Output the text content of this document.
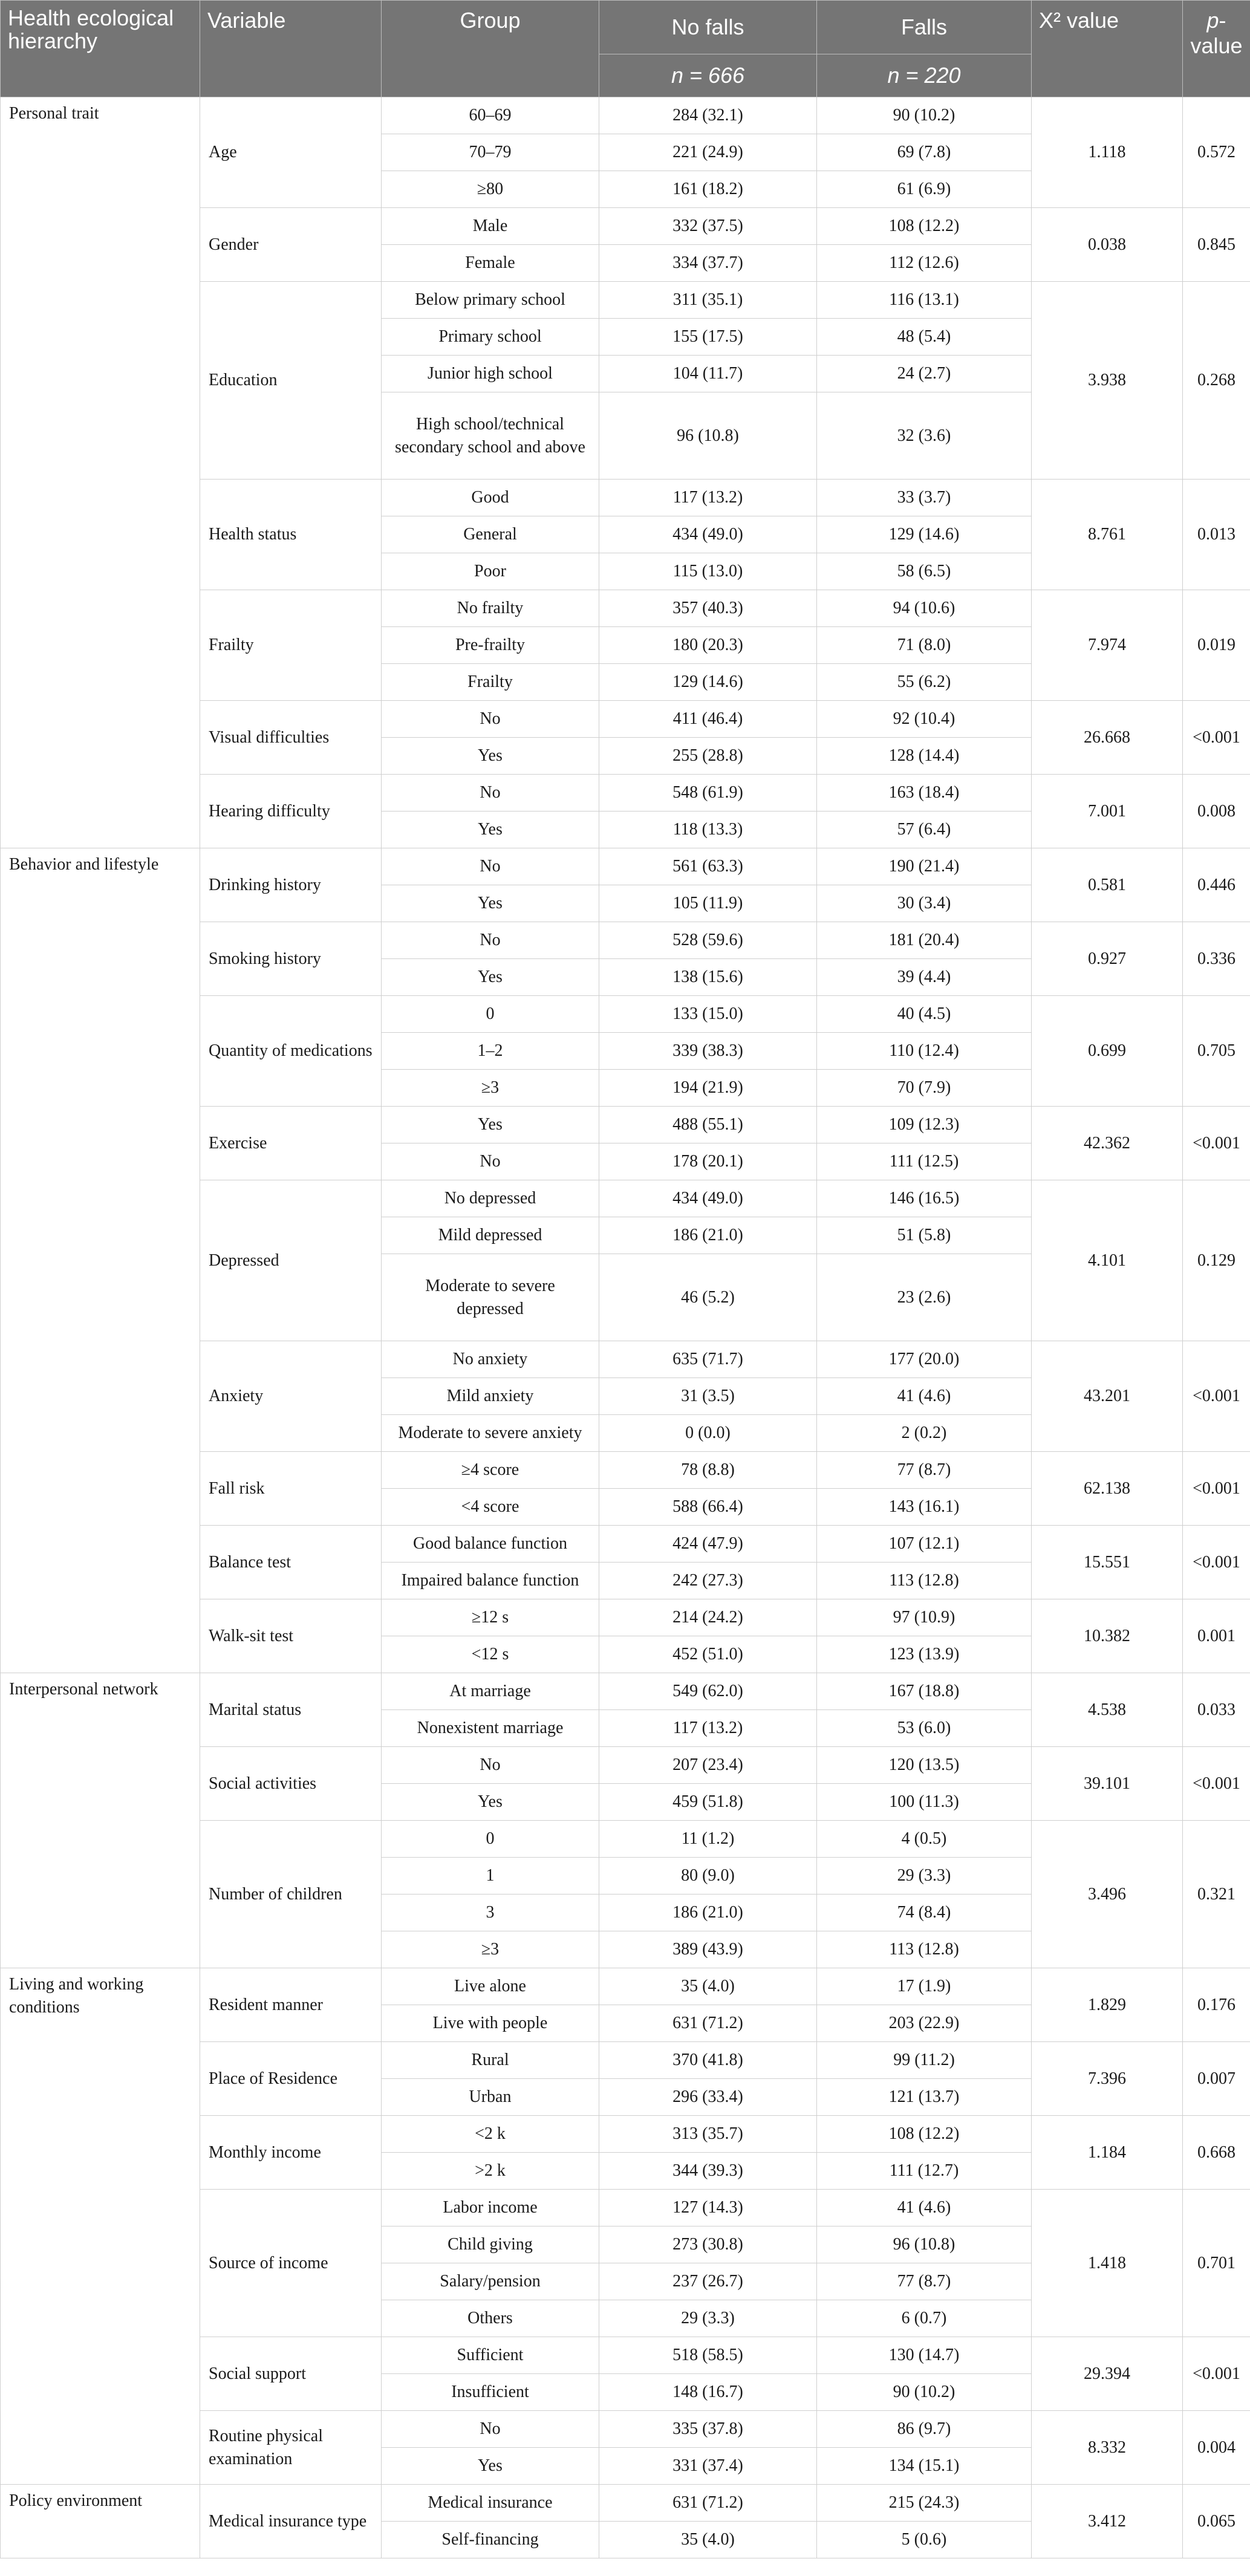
Health ecological hierarchy	Variable	Group	No falls	Falls	X² value	p-value
			n = 666	n = 220		
Personal trait	Age	60–69	284 (32.1)	90 (10.2)	1.118	0.572
		70–79	221 (24.9)	69 (7.8)		
		≥80	161 (18.2)	61 (6.9)		
	Gender	Male	332 (37.5)	108 (12.2)	0.038	0.845
		Female	334 (37.7)	112 (12.6)		
	Education	Below primary school	311 (35.1)	116 (13.1)	3.938	0.268
		Primary school	155 (17.5)	48 (5.4)		
		Junior high school	104 (11.7)	24 (2.7)		
		High school/technical secondary school and above	96 (10.8)	32 (3.6)		
	Health status	Good	117 (13.2)	33 (3.7)	8.761	0.013
		General	434 (49.0)	129 (14.6)		
		Poor	115 (13.0)	58 (6.5)		
	Frailty	No frailty	357 (40.3)	94 (10.6)	7.974	0.019
		Pre-frailty	180 (20.3)	71 (8.0)		
		Frailty	129 (14.6)	55 (6.2)		
	Visual difficulties	No	411 (46.4)	92 (10.4)	26.668	<0.001
		Yes	255 (28.8)	128 (14.4)		
	Hearing difficulty	No	548 (61.9)	163 (18.4)	7.001	0.008
		Yes	118 (13.3)	57 (6.4)		
Behavior and lifestyle	Drinking history	No	561 (63.3)	190 (21.4)	0.581	0.446
		Yes	105 (11.9)	30 (3.4)		
	Smoking history	No	528 (59.6)	181 (20.4)	0.927	0.336
		Yes	138 (15.6)	39 (4.4)		
	Quantity of medications	0	133 (15.0)	40 (4.5)	0.699	0.705
		1–2	339 (38.3)	110 (12.4)		
		≥3	194 (21.9)	70 (7.9)		
	Exercise	Yes	488 (55.1)	109 (12.3)	42.362	<0.001
		No	178 (20.1)	111 (12.5)		
	Depressed	No depressed	434 (49.0)	146 (16.5)	4.101	0.129
		Mild depressed	186 (21.0)	51 (5.8)		
		Moderate to severe depressed	46 (5.2)	23 (2.6)		
	Anxiety	No anxiety	635 (71.7)	177 (20.0)	43.201	<0.001
		Mild anxiety	31 (3.5)	41 (4.6)		
		Moderate to severe anxiety	0 (0.0)	2 (0.2)		
	Fall risk	≥4 score	78 (8.8)	77 (8.7)	62.138	<0.001
		<4 score	588 (66.4)	143 (16.1)		
	Balance test	Good balance function	424 (47.9)	107 (12.1)	15.551	<0.001
		Impaired balance function	242 (27.3)	113 (12.8)		
	Walk-sit test	≥12 s	214 (24.2)	97 (10.9)	10.382	0.001
		<12 s	452 (51.0)	123 (13.9)		
Interpersonal network	Marital status	At marriage	549 (62.0)	167 (18.8)	4.538	0.033
		Nonexistent marriage	117 (13.2)	53 (6.0)		
	Social activities	No	207 (23.4)	120 (13.5)	39.101	<0.001
		Yes	459 (51.8)	100 (11.3)		
	Number of children	0	11 (1.2)	4 (0.5)	3.496	0.321
		1	80 (9.0)	29 (3.3)		
		3	186 (21.0)	74 (8.4)		
		≥3	389 (43.9)	113 (12.8)		
Living and working conditions	Resident manner	Live alone	35 (4.0)	17 (1.9)	1.829	0.176
		Live with people	631 (71.2)	203 (22.9)		
	Place of Residence	Rural	370 (41.8)	99 (11.2)	7.396	0.007
		Urban	296 (33.4)	121 (13.7)		
	Monthly income	<2 k	313 (35.7)	108 (12.2)	1.184	0.668
		>2 k	344 (39.3)	111 (12.7)		
	Source of income	Labor income	127 (14.3)	41 (4.6)	1.418	0.701
		Child giving	273 (30.8)	96 (10.8)		
		Salary/pension	237 (26.7)	77 (8.7)		
		Others	29 (3.3)	6 (0.7)		
	Social support	Sufficient	518 (58.5)	130 (14.7)	29.394	<0.001
		Insufficient	148 (16.7)	90 (10.2)		
	Routine physical examination	No	335 (37.8)	86 (9.7)	8.332	0.004
		Yes	331 (37.4)	134 (15.1)		
Policy environment	Medical insurance type	Medical insurance	631 (71.2)	215 (24.3)	3.412	0.065
		Self-financing	35 (4.0)	5 (0.6)		
